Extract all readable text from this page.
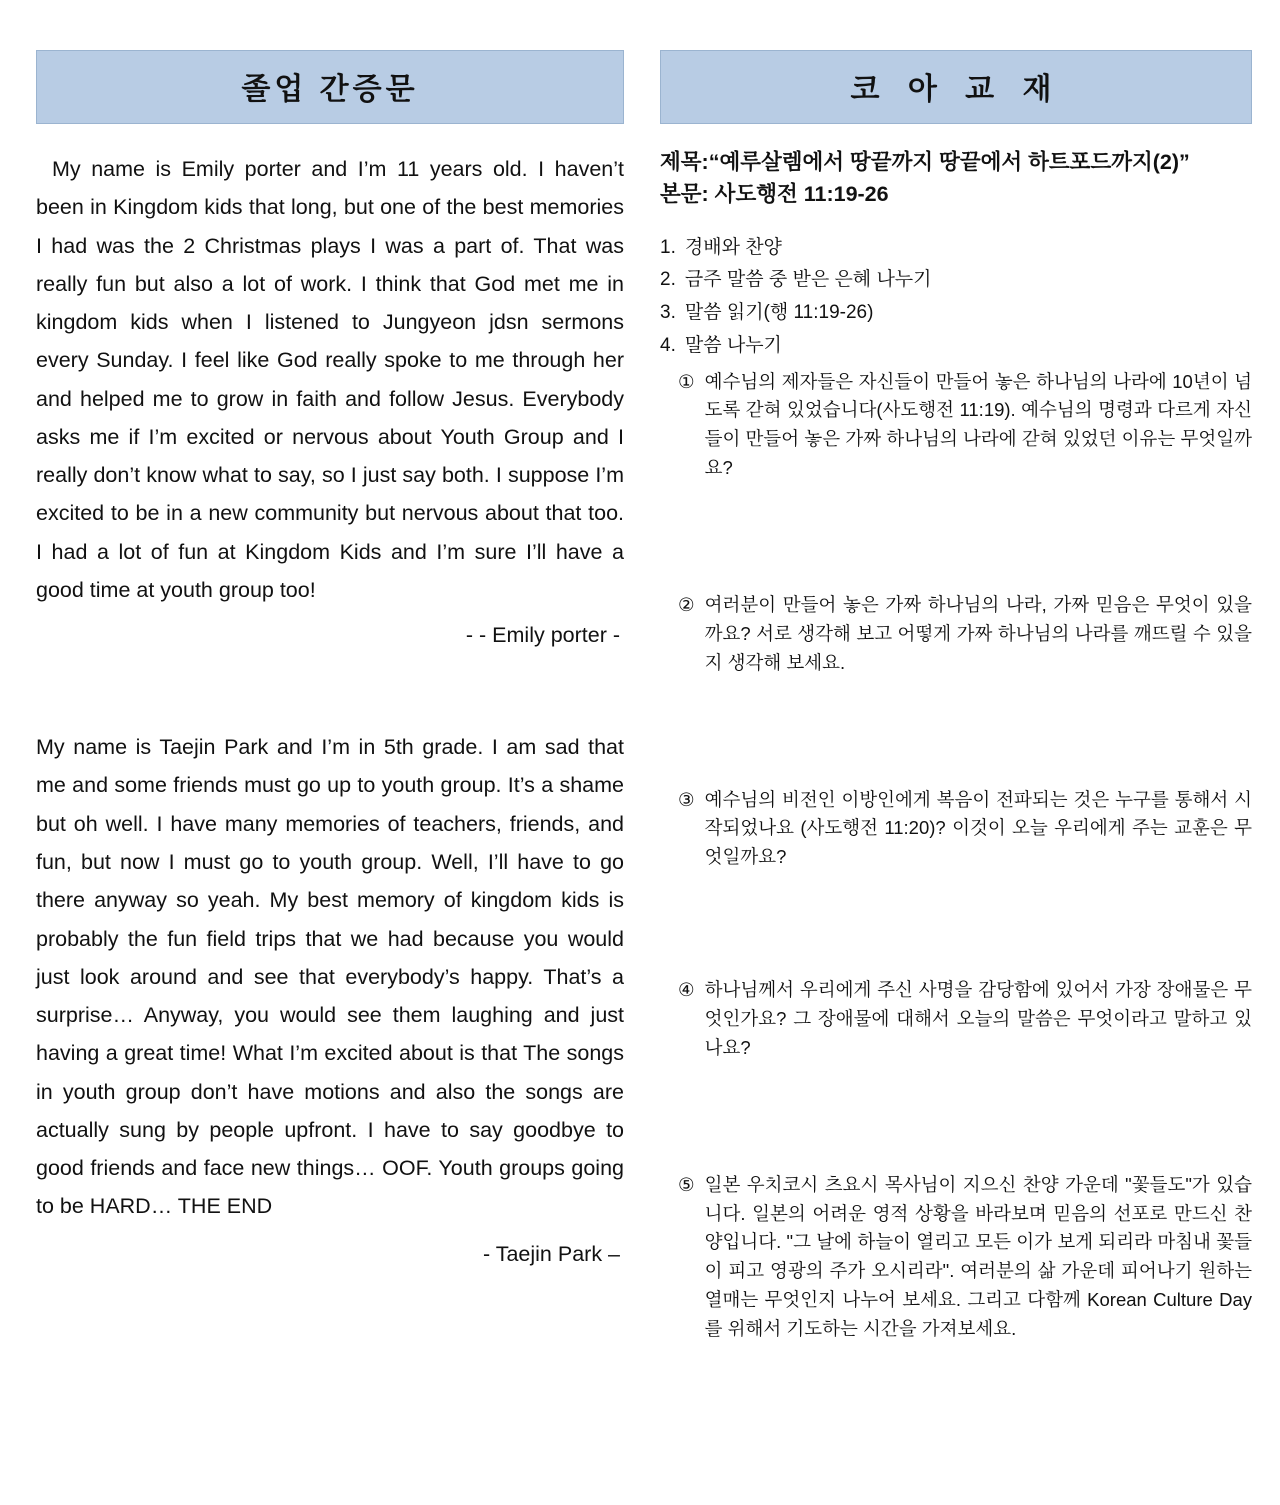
졸업 간증문
My name is Emily porter and I’m 11 years old. I haven’t been in Kingdom kids that long, but one of the best memories I had was the 2 Christmas plays I was a part of. That was really fun but also a lot of work. I think that God met me in kingdom kids when I listened to Jungyeon jdsn sermons every Sunday. I feel like God really spoke to me through her and helped me to grow in faith and follow Jesus. Everybody asks me if I’m excited or nervous about Youth Group and I really don’t know what to say, so I just say both. I suppose I’m excited to be in a new community but nervous about that too. I had a lot of fun at Kingdom Kids and I’m sure I’ll have a good time at youth group too!
- - Emily porter -
My name is Taejin Park and I’m in 5th grade. I am sad that me and some friends must go up to youth group. It’s a shame but oh well. I have many memories of teachers, friends, and fun, but now I must go to youth group. Well, I’ll have to go there anyway so yeah. My best memory of kingdom kids is probably the fun field trips that we had because you would just look around and see that everybody’s happy. That’s a surprise… Anyway, you would see them laughing and just having a great time! What I’m excited about is that The songs in youth group don’t have motions and also the songs are actually sung by people upfront. I have to say goodbye to good friends and face new things… OOF. Youth groups going to be HARD… THE END
- Taejin Park –
코 아 교 재
제목:“예루살렘에서 땅끝까지 땅끝에서 하트포드까지(2)”
본문: 사도행전 11:19-26
1. 경배와 찬양
2. 금주 말씀 중 받은 은혜 나누기
3. 말씀 읽기(행 11:19-26)
4. 말씀 나누기
① 예수님의 제자들은 자신들이 만들어 놓은 하나님의 나라에 10년이 넘도록 갇혀 있었습니다(사도행전 11:19). 예수님의 명령과 다르게 자신들이 만들어 놓은 가짜 하나님의 나라에 갇혀 있었던 이유는 무엇일까요?
② 여러분이 만들어 놓은 가짜 하나님의 나라, 가짜 믿음은 무엇이 있을까요? 서로 생각해 보고 어떻게 가짜 하나님의 나라를 깨뜨릴 수 있을지 생각해 보세요.
③ 예수님의 비전인 이방인에게 복음이 전파되는 것은 누구를 통해서 시작되었나요 (사도행전 11:20)? 이것이 오늘 우리에게 주는 교훈은 무엇일까요?
④ 하나님께서 우리에게 주신 사명을 감당함에 있어서 가장 장애물은 무엇인가요? 그 장애물에 대해서 오늘의 말씀은 무엇이라고 말하고 있나요?
⑤ 일본 우치코시 츠요시 목사님이 지으신 찬양 가운데 "꽃들도"가 있습니다. 일본의 어려운 영적 상황을 바라보며 믿음의 선포로 만드신 찬양입니다. "그 날에 하늘이 열리고 모든 이가 보게 되리라 마침내 꽃들이 피고 영광의 주가 오시리라". 여러분의 삶 가운데 피어나기 원하는 열매는 무엇인지 나누어 보세요. 그리고 다함께 Korean Culture Day를 위해서 기도하는 시간을 가져보세요.
